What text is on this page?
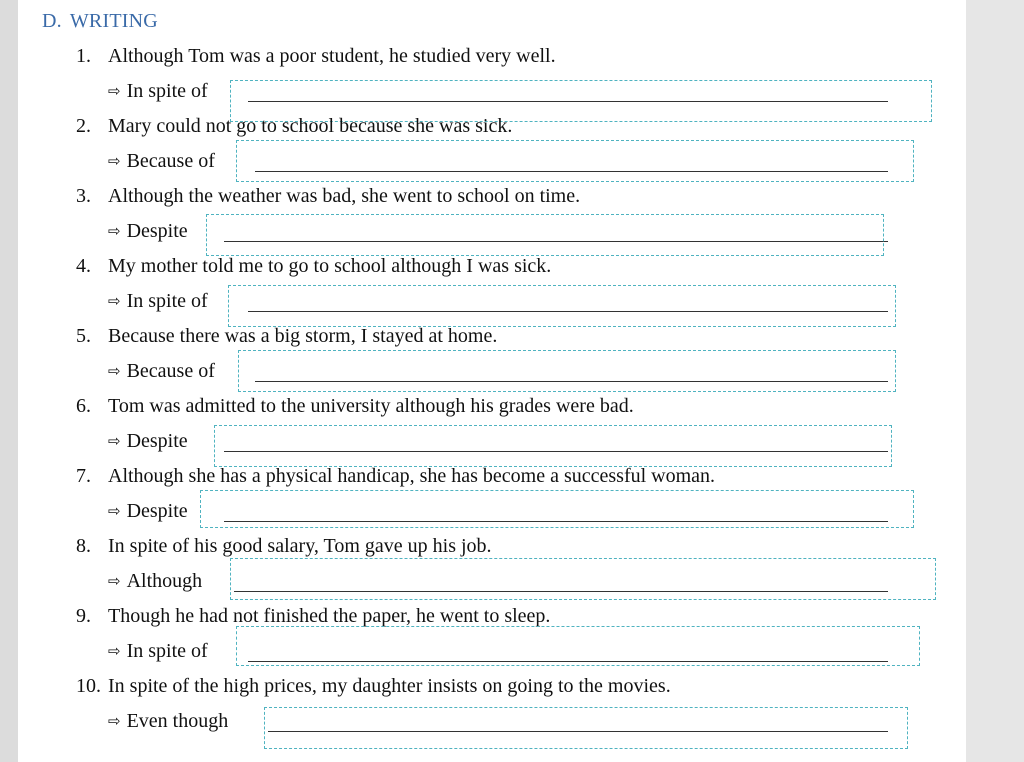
D. WRITING
1. Although Tom was a poor student, he studied very well.
⇨ In spite of
2. Mary could not go to school because she was sick.
⇨ Because of
3. Although the weather was bad, she went to school on time.
⇨ Despite
4. My mother told me to go to school although I was sick.
⇨ In spite of
5. Because there was a big storm, I stayed at home.
⇨ Because of
6. Tom was admitted to the university although his grades were bad.
⇨ Despite
7. Although she has a physical handicap, she has become a successful woman.
⇨ Despite
8. In spite of his good salary, Tom gave up his job.
⇨ Although
9. Though he had not finished the paper, he went to sleep.
⇨ In spite of
10. In spite of the high prices, my daughter insists on going to the movies.
⇨ Even though
